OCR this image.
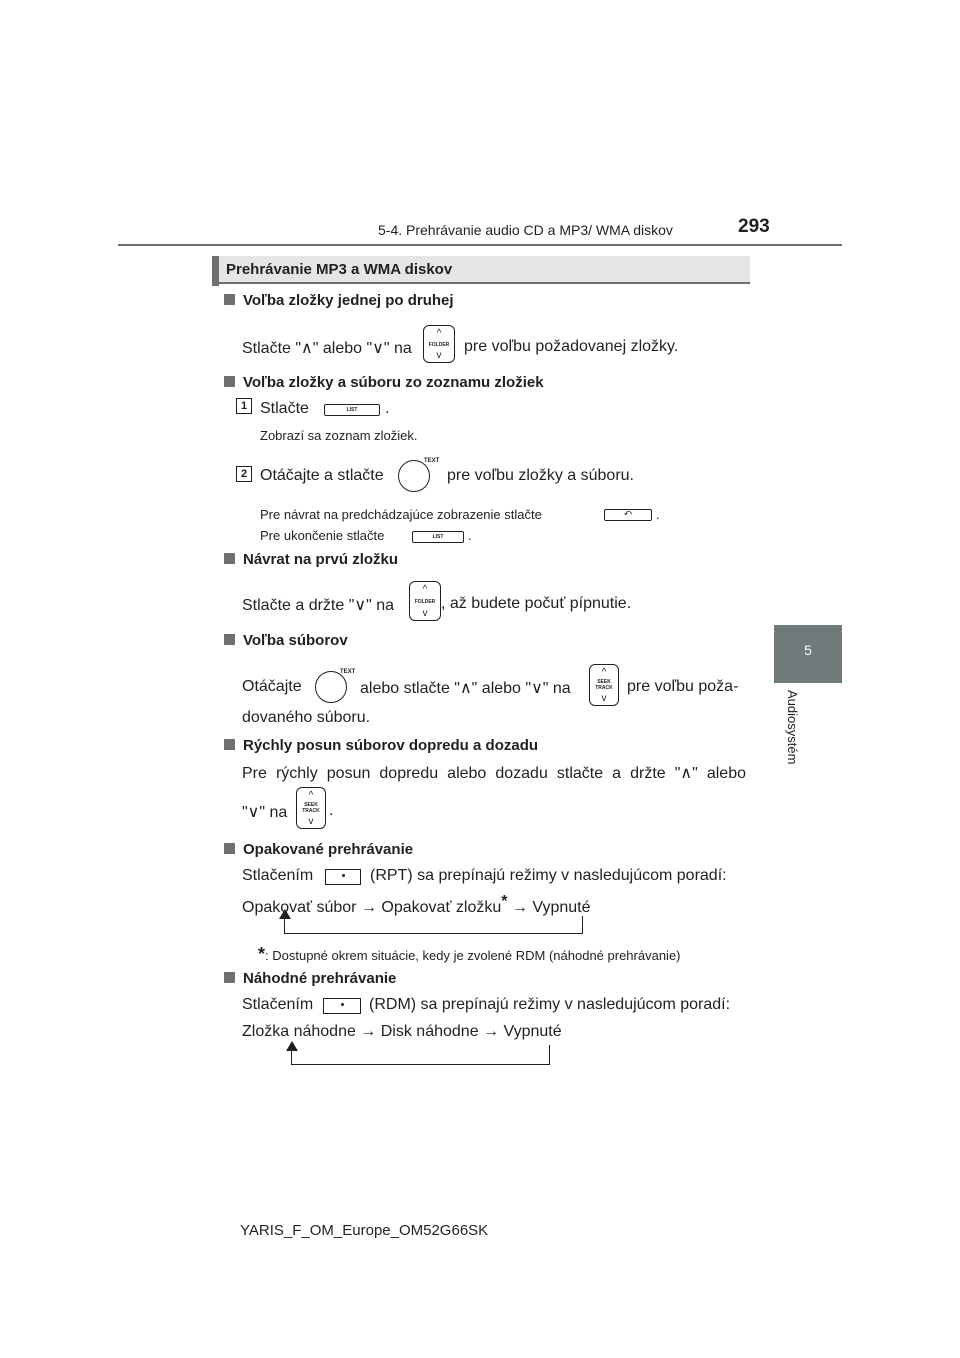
5-4. Prehrávanie audio CD a MP3/ WMA diskov	293
5
Audiosystém
Prehrávanie MP3 a WMA diskov
Voľba zložky jednej po druhej
Stlačte "∧" alebo "∨" na
^
FOLDER
v
pre voľbu požadovanej zložky.
Voľba zložky a súboru zo zoznamu zložiek
1 Stlačte	LIST	.
Zobrazí sa zoznam zložiek.
2 Otáčajte a stlačte
TEXT
pre voľbu zložky a súboru.
Pre návrat na predchádzajúce zobrazenie stlačte	⤺	.
Pre ukončenie stlačte	LIST	.
Návrat na prvú zložku
Stlačte a držte "∨" na
^
FOLDER
v
, až budete počuť pípnutie.
Voľba súborov
Otáčajte
TEXT
alebo stlačte "∧" alebo "∨" na
^
SEEK
TRACK
v
pre voľbu poža-
dovaného súboru.
Rýchly posun súborov dopredu a dozadu
Pre rýchly posun dopredu alebo dozadu stlačte a držte "∧" alebo
"∨" na
^
SEEK
TRACK
v
.
Opakované prehrávanie
Stlačením	(RPT) sa prepínajú režimy v nasledujúcom poradí:
Opakovať súbor → Opakovať zložku* → Vypnuté
*: Dostupné okrem situácie, kedy je zvolené RDM (náhodné prehrávanie)
Náhodné prehrávanie
Stlačením	(RDM) sa prepínajú režimy v nasledujúcom poradí:
Zložka náhodne → Disk náhodne → Vypnuté
YARIS_F_OM_Europe_OM52G66SK
